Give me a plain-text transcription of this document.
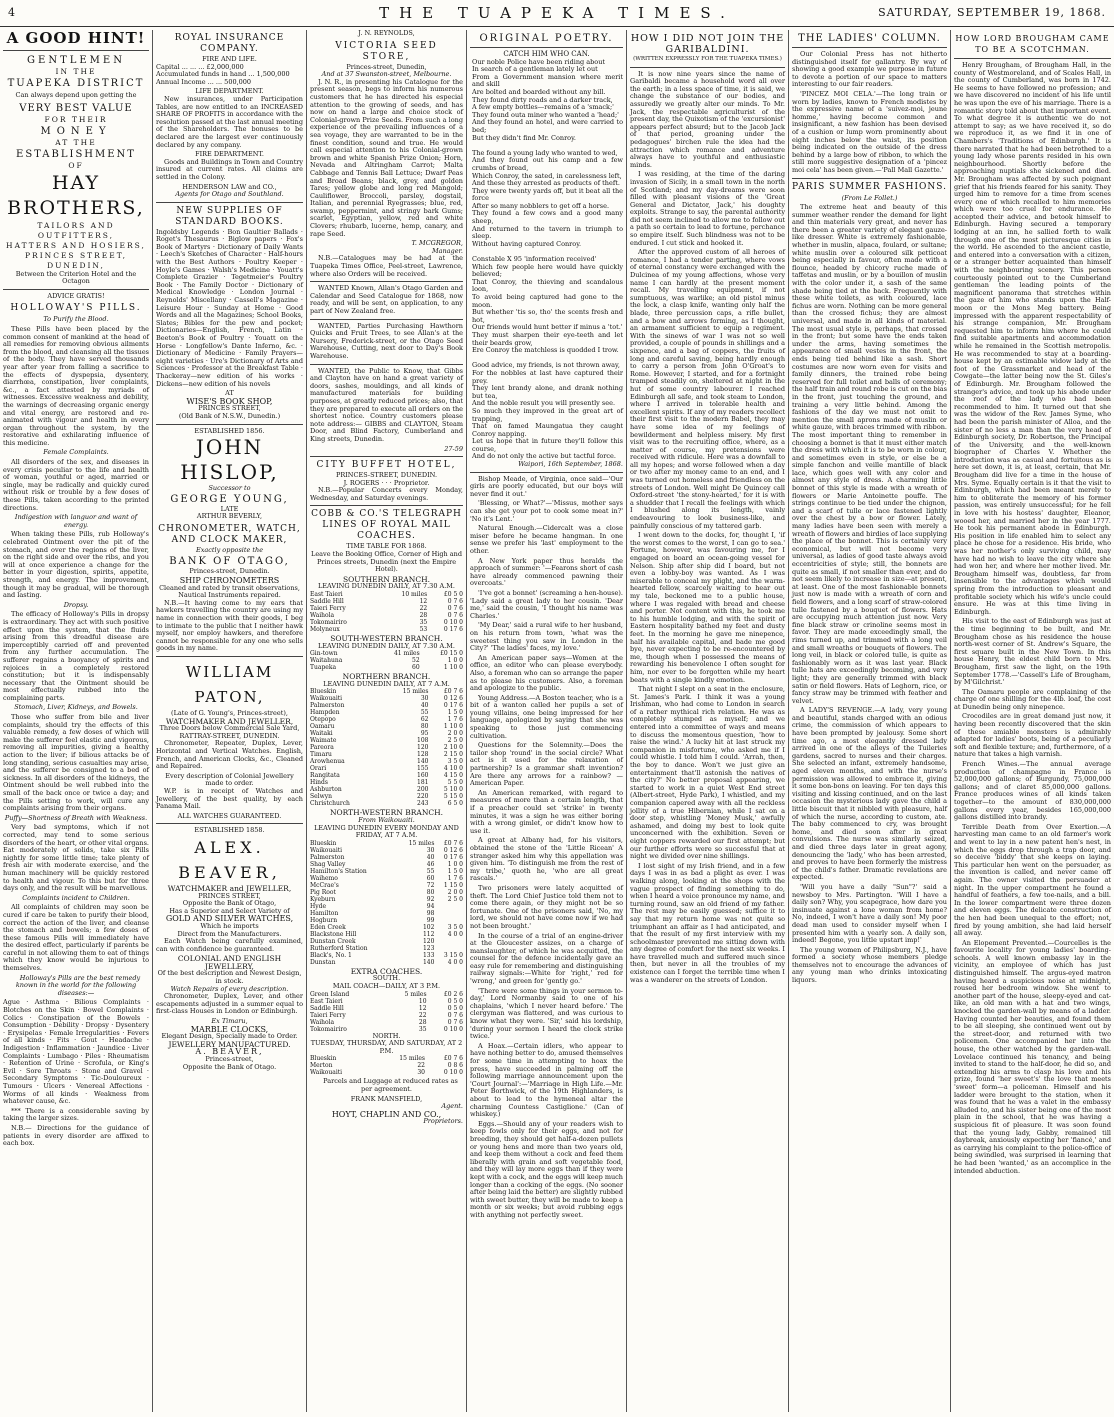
4	THE TUAPEKA TIMES.	SATURDAY, SEPTEMBER 19, 1868.
A GOOD HINT!
GENTLEMEN
IN THE
TUAPEKA DISTRICT
Can always depend upon getting the
VERY BEST VALUE
FOR THEIR
MONEY
AT THE
ESTABLISHMENT
OF
HAY BROTHERS,
TAILORS AND OUTFITTERS,
HATTERS AND HOSIERS,
PRINCES STREET,
DUNEDIN,
Between the Criterion Hotel and the Octagon
ADVICE GRATIS!
HOLLOWAY'S PILLS.
To Purify the Blood.

These Pills have been placed by the common consent of mankind at the head of all remedies for removing obvious ailments from the blood, and cleansing all the tissues of the body. They have served thousands year after year from falling a sacrifice to the effects of dyspepsia, dysentery, diarrhœa, constipation, liver complaints, &c., a fact attested by myriads of witnesses. Excessive weakness and debility, the warnings of decreasing organic energy and vital energy, are restored and re-animated with vigour and health in every organ throughout the system, by the restorative and exhilarating influence of this medicine.

Female Complaints.

All disorders of the sex, and diseases in every crisis peculiar to the life and health of woman, youthful or aged, married or single, may be radically and quickly cured without risk or trouble by a few doses of these Pills, taken according to the printed directions.

Indigestion with languor and want of energy.

When taking these Pills, rub Holloway's celebrated Ointment over the pit of the stomach, and over the regions of the liver, on the right side and over the ribs, and you will at once experience a change for the better in your digestion, spirits, appetite, strength, and energy. The improvement, though it may be gradual, will be thorough and lasting.

Dropsy.

The efficacy of Holloway's Pills in dropsy is extraordinary. They act with such positive effect upon the system, that the fluids arising from this dreadful disease are imperceptibly carried off and prevented from any further accumulation. The sufferer regains a buoyancy of spirits and rejoices in a completely restored constitution; but it is indispensably necessary that the Ointment should be most effectually rubbed into the complaining parts.

Stomach, Liver, Kidneys, and Bowels.

Those who suffer from bile and liver complaints, should try the effects of this valuable remedy, a few doses of which will make the sufferer feel elastic and vigorous, removing all impurities, giving a healthy action to the liver; if bilious attacks be of long standing, serious casualties may arise, and the sufferer be consigned to a bed of sickness. In all disorders of the kidneys, the Ointment should be well rubbed into the small of the back once or twice a day; and the Pills setting to work, will cure any complaints arising from their organs.

Puffy—Shortness of Breath with Weakness.

Very bad symptoms, which if not corrected, may tend to some serious disorders of the heart, or other vital organs. Eat moderately of solids, take six Pills nightly for some little time; take plenty of fresh air with moderate exercise, and the human machinery will be quickly restored to health and vigour. To this but for three days only, and the result will be marvellous.

Complaints incident to Children.

All complaints of children may soon be cured if care be taken to purify their blood, correct the action of the liver, and cleanse the stomach and bowels; a few doses of these famous Pills will immediately have the desired effect, particularly if parents be careful in not allowing them to eat of things which they know would be injurious to themselves.

Holloway's Pills are the best remedy known in the world for the following diseases:—

Ague · Asthma · Bilious Complaints · Blotches on the Skin · Bowel Complaints · Colics · Constipation of the Bowels · Consumption · Debility · Dropsy · Dysentery · Erysipelas · Female Irregularities · Fevers of all kinds · Fits · Gout · Headache · Indigestion · Inflammation · Jaundice · Liver Complaints · Lumbago · Piles · Rheumatism · Retention of Urine · Scrofula, or King's Evil · Sore Throats · Stone and Gravel · Secondary Symptoms · Tic-Douloureux · Tumours · Ulcers · Venereal Affections · Worms of all kinds · Weakness from whatever cause, &c.

*** There is a considerable saving by taking the larger sizes.

N.B.— Directions for the guidance of patients in every disorder are affixed to each box.

ROYAL INSURANCE COMPANY.
FIRE AND LIFE.
Capital ... ... ... £2,000,000
Accumulated funds in hand ... 1,500,000
Annual Income ... ... 500,000
LIFE DEPARTMENT.

New insurances, under Participation Tables, are now entitled to an INCREASED SHARE OF PROFITS in accordance with the resolution passed at the last annual meeting of the Shareholders. The bonuses to be declared are the largest ever continuously declared by any company.

FIRE DEPARTMENT.

Goods and Buildings in Town and Country insured at current rates. All claims are settled in the Colony.

HENDERSON LAW and CO.,
Agents for Otago and Southland.
NEW SUPPLIES OF STANDARD BOOKS.

Ingoldsby Legends · Bon Gaultier Ballads · Roget's Thesaurus · Biglow papers · Fox's Book of Martyrs · Dictionary of Daily Wants · Leech's Sketches of Character · Half-hours with the Best Authors · Poultry Keeper · Hoyle's Games · Walsh's Medicine · Youatt's Complete Grazier · Tegetmeier's Poultry Book · The Family Doctor · Dictionary of Medical Knowledge · London Journal · Reynolds' Miscellany · Cassell's Magazine · Leisure Hour · Sunday at Home · Good Words and all the Magazines; School Books, Slates; Bibles for the pew and pocket; Dictionaries—English, French, Latin · Beeton's Book of Poultry · Youatt on the Horse · Longfellow's Dante Inferno, &c. · Dictionary of Medicine · Family Prayers—eight varieties · Ure's Dictionary of Arts and Sciences · Professor at the Breakfast Table · Thackeray—new edition of his works · Dickens—new edition of his novels

AT
WISE'S BOOK SHOP,
PRINCES STREET,
(Old Bank of N.S.W., Dunedin.)
ESTABLISHED 1856.
JOHN HISLOP,
Successor to
GEORGE YOUNG,
LATE
ARTHUR BEVERLY,
CHRONOMETER, WATCH, AND CLOCK MAKER,
Exactly opposite the
BANK OF OTAGO,
Princes-street, Dunedin.
SHIP CHRONOMETERS
Cleaned and rated by transit observations, Nautical Instruments repaired.

N.B.—It having come to my ears that hawkers travelling the country are using my name in connection with their goods, I beg to intimate to the public that I neither hawk myself, nor employ hawkers, and therefore cannot be responsible for any one who sells goods in my name.

WILLIAM PATON,
(Late of G. Young's, Princes-street),
WATCHMAKER AND JEWELLER,
Three Doors below Commercial Sale Yard,
RATTRAY-STREET, DUNEDIN.

Chronometer, Repeater, Duplex, Lever, Horizontal and Vertical Watches. English, French, and American Clocks, &c., Cleaned and Repaired.

Every description of Colonial Jewellery made to order.

W.P. is in receipt of Watches and Jewellery, of the best quality, by each Panama Mail.

ALL WATCHES GUARANTEED.
ESTABLISHED 1858.
ALEX. BEAVER,
WATCHMAKER and JEWELLER,
PRINCES STREET,
Opposite the Bank of Otago,
Has a Superior and Select Variety of
GOLD AND SILVER WATCHES,
Which he imports
Direct from the Manufacturers.

Each Watch being carefully examined, can with confidence be guaranteed.

COLONIAL AND ENGLISH JEWELLERY,
Of the best description and Newest Design, in stock.
Watch Repairs of every description.

Chronometer, Duplex, Lever, and other escapements adjusted in a summer equal to first-class Houses in London or Edinburgh.

Ex Timaru,
MARBLE CLOCKS,
Elegant Design, Specially made to Order.
JEWELLERY MANUFACTURED.
A. BEAVER,
Princes-street,
Opposite the Bank of Otago.
J. N. REYNOLDS,
VICTORIA SEED STORE,
Princes-street, Dunedin,
And at 37 Swanston-street, Melbourne.

J. N. R., in presenting his Catalogue for the present season, begs to inform his numerous customers that he has directed his especial attention to the growing of seeds, and has now on hand a large and choice stock of Colonial-grown Prize Seeds. From such a long experience of the prevailing influences of a sea voyage, they are warranted to be in the finest condition, sound and true. He would call especial attention to his Colonial-grown brown and white Spanish Prize Onion; Horn, Nevada and Altringham Carrot; Malta Cabbage and Tennis Ball Lettuce; Dwarf Peas and Broad Beans; black, grey, and golden Tares; yellow globe and long red Mangold; Cauliflower, Broccoli, parsley, dogstail, Italian, and perennial Ryegrasses; blue, red, swamp, peppermint, and stringy bark Gums; scarlet, Egyptian, yellow, red and white Clovers; rhubarb, lucerne, hemp, canary, and rape Seed.

T. MCGREGOR,
Manager.

N.B.—Catalogues may be had at the Tuapeka Times Office, Peel-street, Lawrence, where also Orders will be received.

WANTED Known, Allan's Otago Garden and Calendar and Seed Catalogue for 1868, now ready, and will be sent, on application, to any part of New Zealand free.

WANTED, Parties Purchasing Hawthorn Quicks and Fruit Trees, to see Allan's at the Nursery, Frederick-street, or the Otago Seed Warehouse, Cutting, next door to Day's Book Warehouse.

WANTED, the Public to Know, that Gibbs and Clayton have on hand a great variety of doors, sashes, mouldings, and all kinds of manufactured materials for building purposes, at greatly reduced prices; also, that they are prepared to execute all orders on the shortest notice. Country customers please note address:— GIBBS and CLAYTON, Steam Door, and Blind Factory, Cumberland and King streets, Dunedin.

27-59
CITY BUFFET HOTEL,
PRINCES-STREET, DUNEDIN.
J. ROGERS · · · Proprietor.

N.B.—Popular Concerts every Monday, Wednesday, and Saturday evenings.

COBB & CO.'S TELEGRAPH LINES OF ROYAL MAIL COACHES.
TIME TABLE FOR 1868.

Leave the Booking Office, Corner of High and Princes streets, Dunedin (next the Empire Hotel).

SOUTHERN BRANCH.
LEAVING DUNEDIN DAILY, AT 7.30 A.M.
East Taieri	10 miles	£0 5 0
Saddle Hill	12	0 7 6
Taieri Ferry	22	0 7 6
Waihola	28	0 7 6
Tokomairiro	35	0 10 0
Molyneux	53	0 17 6
SOUTH-WESTERN BRANCH.
LEAVING DUNEDIN DAILY, AT 7.30 A.M.
Gin-town	41 miles	£0 15 0
Waitahuna	52	1 0 0
Tuapeka	60	1 10 0
NORTHERN BRANCH.
LEAVING DUNEDIN DAILY, AT 7 A.M.
Blueskin	15 miles	£0 7 6
Waikouaiti	30	0 12 6
Palmerston	40	0 17 6
Hampden	55	1 5 0
Otepopo	62	1 7 6
Oamaru	80	1 10 0
Waitaki	95	2 0 0
Waimate	108	2 5 0
Pareora	120	2 10 0
Timaru	128	2 15 0
Arowhenua	140	3 5 0
Orari	155	4 10 0
Rangitata	160	4 15 0
Hinds	181	5 5 0
Ashburton	200	5 10 0
Selwyn	220	5 15 0
Christchurch	243	6 5 0
NORTH-WESTERN BRANCH.
From Waikouaiti.
LEAVING DUNEDIN EVERY MONDAY AND FRIDAY, AT 7 A.M.
Blueskin	15 miles	£0 7 6
Waikouaiti	30	0 12 6
Palmerston	40	0 17 6
Shag Valley	46	1 0 0
Hamilton's Station	55	1 5 0
Waihemo	60	1 7 6
McCrae's	72	1 15 0
Pig Root	80	2 0 0
Kyeburn	92	2 5 0
Hyde	94	
Hamilton	98	
Hogburn	99	
Eden Creek	102	3 5 0
Blackstone Hill	112	4 0 0
Dunstan Creek	120	
Rutherford Station	123	
Black's, No. 1	133	3 15 0
Dunstan	140	4 0 0
EXTRA COACHES.
SOUTH.
MAIL COACH—DAILY, AT 3 P.M.
Green Island	5 miles	£0 2 6
East Taieri	10	0 5 0
Saddle Hill	12	0 5 0
Taieri Ferry	22	0 7 6
Waihola	28	0 7 6
Tokomairiro	35	0 10 0
NORTH.
TUESDAY, THURSDAY, AND SATURDAY, AT 2 P.M.
Blueskin	15 miles	£0 7 6
Merton	22	0 8 6
Waikouaiti	30	0 10 0

Parcels and Luggage at reduced rates as per agreement.

FRANK MANSFIELD,
Agent.
HOYT, CHAPLIN AND CO.,
Proprietors.
ORIGINAL POETRY.
CATCH HIM WHO CAN.
Our noble Police have been riding about
In search of a gentleman lately let out
From a Government mansion where merit and skill
Are bolted and boarded without any bill.
They found dirty roads and a darker track,
A few empty bottles—remains of a 'smack;'
They found outa miner who wanted a 'head;'
And they found an hotel, and were carried to bed;
But they didn't find Mr. Conroy.

The found a young lady who wanted to wed,
And they found out his camp and a few crumbs of bread,
Which Conroy, the sated, in carelessness left,
And these they arrested as products of theft.
They were twenty yards off, but it beat all the force
After so many nobblers to get off a horse.
They found a few cows and a good many sheep,
And returned to the tavern in triumph to sleep.
Without having captured Conroy.

Constable X 95 'information received'
Which few people here would have quickly believed;
That Conroy, the thieving and scandalous loon,
To avoid being captured had gone to the moon.
But whether 'tis so, tho' the scents fresh and hot,
Our friends would hunt better if minus a 'tot.'
They must sharpen their eye-teeth and let their beards grow,
Ere Conroy the matchless is quodded I trow.

Good advice, my friends, is not thrown away,
For the nobbles at last have captured their prey.
They lent brandy alone, and drank nothing but tea,
And the noble result you will presently see.
So much they improved in the great art of trapping,
That on famed Maungatua they caught Conroy napping.
Let us hope that in future they'll follow this course,
And do not only the active but tactful force.
Waipori, 16th September, 1868.

Bishop Meade, of Virginia, once said—'Our girls are poorly educated, but our boys will never find it out.'

'Blessing, or What?'—'Missus, mother says can she get your pot to cook some meat in?' 'No it's Lent.'

Natural Enough.—Cidercalt was a close miser before he became hangman. In one sense we prefer his 'last' employment to the other.

A New York paper thus heralds the approach of summer: '—Fearons short of cash have already commenced pawning their overcoats.'

'I've got a bonnet' (screaming a hen-house). 'Lady said a great lady to her cousin. 'Dear me,' said the cousin, 'I thought his name was Charles.'

'My Dear,' said a rural wife to her husband, on his return from town, 'what was the sweetest thing you saw in London in the City?' 'The ladies' faces, my love.'

An American paper says—Women at the office, an editor who can please everybody. Also, a foreman who can so arrange the paper as to please his customers. Also, a foreman and apologize to the public.

Young Address.—A Boston teacher, who is a bit of a wanton called her pupils a set of young villains, one being impressed for her language, apologized by saying that she was speaking to those just commencing cultivation.

Questions for the Solemnity.—Does the tailor shop 'round' in the social circle? What act is it used for the relaxation of partnership? Is a grammar shaft invention? Are there any arrows for a rainbow? —American Paper.

An American remarked, with regard to measures of more than a certain length, that if a preacher could set 'strike' in twenty minutes, it was a sign he was either boring with a wrong gimlet, or didn't know how to use it.

A great at Albany had, for his visitors, obtained the stone of the 'Little Ricean' A stranger asked him why this appellation was given him. 'To distinguish me from the rest of my tribe,' quoth he, 'who are all great rascals.'

Two prisoners were lately acquitted of theft. The Lord Chief Justice told them not to come there again, or they might not be so fortunate. One of the prisoners said, 'No, my lord, we should not have come now if we had not been brought.'

In the course of a trial of an engine-driver at the Gloucester assizes, on a charge of manslaughter, of which he was acquitted, the counsel for the defence incidentally gave an easy rule for remembering and distinguishing railway signals:—White for 'right,' red for 'wrong,' and green for 'gently go.'

'There were some things in your sermon to-day,' Lord Normanby said to one of his chaplains, 'which I never heard before.' The clergyman was flattered, and was curious to know what they were. 'Sir,' said his lordship, 'during your sermon I heard the clock strike twice.'

A Hoax.—Certain idlers, who appear to have nothing better to do, amused themselves for some time in attempting to hoax the press, have succeeded in palming off the following marriage announcement upon the 'Court Journal':—'Marriage in High Life.—Mr. Peter Borthwick, of the 19th Highlanders, is about to lead to the hymeneal altar the charming Countess Castiglione.' (Can of whiskey.)

Eggs.—Should any of your readers wish to keep fowls only for their eggs, and not for breeding, they should get half-a-dozen pullets or young hens and more than two years old, and keep them without a cock and feed them liberally with grain and soft vegetable food, and they will lay more eggs than if they were kept with a cock, and the eggs will keep much longer than a cocking of the eggs. (No sooner after being laid the better) are slightly rubbed with sweet butter, they will be made to keep a month or six weeks; but avoid rubbing eggs with anything not perfectly sweet.

HOW I DID NOT JOIN THE GARIBALDINI.
(WRITTEN EXPRESSLY FOR THE TUAPEKA TIMES.)

It is now nine years since the name of Garibaldi became a household word all over the earth; in a less space of time, it is said, we change the substance of our bodies, and assuredly we greatly alter our minds. To Mr. Jack, the respectable agriculturist of the present day, the Quixotism of the 'excursionist' appears perfect absurd; but to the Jacob Jack of that period, groaning under the pedagogues' birchen rule the idea had the attraction which romance and adventure always have to youthful and enthusiastic minds.

I was residing, at the time of the daring invasion of Sicily, in a small town in the north of Scotland; and my day-dreams were soon filled with pleasant visions of the 'Great General and Dictator, Jack,' his doughty exploits. Strange to say, the parental authority did not seem inclined to allow me to follow out a path so certain to lead to fortune, perchance so empire itself. Such blindness was not to be endured. I cut stick and hooked it.

After the approved custom of all heroes of romance, I had a tender parting, where vows of eternal constancy were exchanged with the Dulcinea of my young affections, whose very name I can hardly at the present moment recall. My travelling equipment, if not sumptuous, was warlike; an old pistol minus the lock, a clasp knife, wanting only half the blade, three percussion caps, a rifle bullet, and a bow and arrows forming, as I thought, an armament sufficient to equip a regiment. With the sinews of war I was not so well provided, a couple of pounds in shillings and a sixpence, and a bag of coppers, the fruits of long and careful saving, being hardly enough to carry a person from John O'Groat's to Rome. However, I started, and for a fortnight tramped steadily on, sheltered at night in the hut of some country labourer. I reached Edinburgh all safe, and took steam to London, where I arrived in tolerable health and excellent spirits. If any of my readers recollect their first visit to the modern Babel, they may have some idea of my feelings of bewilderment and helpless misery. My first visit was to the recruiting office, where, as a matter of course, my pretensions were received with ridicule. Here was a downfall to all my hopes; and worse followed when a day or two after my money came to an end, and I was turned out homeless and friendless on the streets of London. Well might De Quincey call Oxford-street 'the stony-hearted,' for it is with a shudder that I recall the feelings with which I blushed along its length, vainly endeavouring to look business-like, and painfully conscious of my tattered garb.

I went down to the docks, for, thought I, 'if the worst comes to the worst, I can go to sea.' Fortune, however, was favouring me, for I engaged on board an ocean-going vessel for Nelson. Ship after ship did I board, but not even a lobby-boy was wanted. As I was miserable to conceal my plight, and the warm-hearted fellow, scarcely waiting to hear out my tale, beckoned me to a public house, where I was regaled with bread and cheese and porter. Not content with this, he took me to his humble lodging, and with the spirit of Eastern hospitality bathed my feet and dusty feet. In the morning he gave me ninepence, half his available capital, and bade me good bye, never expecting to be re-encountered by me, though when I possessed the means of rewarding his benevolence I often sought for him, nor ever to be forgotten while my heart beats with a single kindly emotion.

That night I slept on a seat in the enclosure, St. James's Park. I think it was a young Irishman, who had come to London in search of a rather mythical rich relation. He was as completely stumped as myself; and we entered into a committee of ways and means to discuss the momentous question, 'how to raise the wind.' A lucky hit at last struck my companion in misfortune, who asked me if I could whistle. I told him I could. 'Arrah, then, the boy to dance. Won't we just give an entertainment that'll astonish the natives of the city?' No better proposal appearing, we started to work in a quiet West End street (Albert-street, Hyde Park), I whistled, and my companion capered away with all the reckless jollity of a true Hibernian, while I sat on a door step, whistling 'Money Musk,' awfully ashamed, and doing my best to look quite unconcerned with the exhibition. Seven or eight coppers rewarded our first attempt; but our further efforts were so successful that at night we divided over nine shillings.

I lost sight of my Irish friend, and in a few days I was in as bad a plight as ever. I was walking along, looking at the shops with the vague prospect of finding something to do, when I heard a voice pronounce my name, and turning round, saw an old friend of my father. The rest may be easily guessed; suffice it to say that my return home was not quite so triumphant an affair as I had anticipated, and that the result of my first interview with my schoolmaster prevented me sitting down with any degree of comfort for the next six weeks. I have travelled much and suffered much since then, but never in all the troubles of my existence can I forget the terrible time when I was a wanderer on the streets of London.

THE LADIES' COLUMN.

Our Colonial Press has not hitherto distinguished itself for gallantry. By way of showing a good example we purpose in future to devote a portion of our space to matters interesting to our fair readers.

'PINCEZ MOI CELA.'—The long train or worn by ladies, known to French modistes by the expressive name of a 'suivez-moi, jeune homme,' having become common and insignificant, a new fashion has been devised of a cushion or lump worn prominently about eight inches below the waist, its position being indicated on the outside of the dress behind by a large bow of ribbon, to which the still more suggestive designation of a 'pincez moi cela' has been given.—'Pall Mall Gazette.'

PARIS SUMMER FASHIONS.
(From Le Follet.)

The extreme heat and beauty of this summer weather render the demand for light and thin materials very great, and never has there been a greater variety of elegant gauze-like dresser. White is extremely fashionable, whether in muslin, alpaca, foulard, or sultane; white muslin over a coloured silk petticoat being especially in favour, often made with a flounce, headed by chicory ruche made of taffetas and muslin, or by a bouillon of muslin with the color under it, a sash of the same shade being tied at the back. Frequently with these white toilets, as with coloured, lace fichus are worn. Nothing can be more general than the crossed fichus; they are almost universal, and made in all kinds of material. The most usual style is, perhaps, that crossed in the front; but some have the ends taken under the arms, having sometimes the appearance of small vestes in the front, the ends being tied behind like a sash. Short costumes are now worn even for visits and family dinners, the trained robe being reserved for full toilet and balls of ceremony; the half train and round robe is cut on the bias in the front, just touching the ground, and training a very little behind. Among the fashions of the day we must not omit to mention the small aprons made of muslin or white gauze, with braces trimmed with ribbon. The most important thing to remember in choosing a bonnet is that it must either match the dress with which it is to be worn in colour, and sometimes even in style, or else be a simple fanchon and veille mantille of black lace, which goes well with any color and almost any style of dress. A charming little bonnet of this style is made with a wreath of flowers or Marie Antoinette pouffe. The strings continue to be tied under the chignon, and a scarf of tulle or lace fastened lightly over the chest by a bow or flower. Lately, many ladies have been seen with merely a wreath of flowers and birdies of lace supplying the place of the bonnet. This is certainly very economical, but will not become very universal, as ladies of good taste always avoid eccentricities of style; still, the bonnets are quite as small, if not smaller than ever, and do not seem likely to increase in size—at present, at least. One of the most fashionable bonnets just now is made with a wreath of corn and field flowers, and a long scarf of straw-colored tulle fastened by a bouquet of flowers. Hats are occupying much attention just now. Very fine black straw or crinoline seems most in favor. They are made exceedingly small, the rims turned up, and trimmed with a long veil and small wreaths or bouquets of flowers. The long veil, in black or colored tulle, is quite as fashionably worn as it was last year. Black tulle hats are exceedingly becoming, and very light; they are generally trimmed with black satin or field flowers. Hats of Leghorn, rice, or fancy straw may be trimmed with feather and velvet.

A LADY'S REVENGE.—A lady, very young and beautiful, stands charged with an odious crime, the commission of which appears to have been prompted by jealousy. Some short time ago, a most elegantly dressed lady arrived in one of the alleys of the Tuileries gardens, sacred to nurses and their charges. She selected an infant, extremely handsome, aged eleven months, and with the nurse's permission was allowed to embrace it, giving it some bon-bons on leaving. For ten days this visiting and kissing continued, and on the last occasion the mysterious lady gave the child a little biscuit that it nibbled with pleasure, half of which the nurse, according to custom, ate. The baby commenced to cry, was brought home, and died soon after in great convulsions. The nurse was similarly seized, and died three days later in great agony, denouncing the 'lady,' who has been arrested, and proves to have been formerly the mistress of the child's father. Dramatic revelations are expected.

'Will you have a daily "Sun"?' said a newsboy to Mrs. Partington. 'Will I have a daily son? Why, you scapegrace, how dare you insinuate against a lone woman from home? No, indeed, I won't have a daily son! My poor dead man used to consider myself when I presented him with a yearly son. A daily son, indeed! Begone, you little upstart imp!'

The young women of Philipsburg, N.J., have formed a society whose members pledge themselves not to encourage the advances of any young man who drinks intoxicating liquors.

HOW LORD BROUGHAM CAME TO BE A SCOTCHMAN.

Henry Brougham, of Brougham Hall, in the county of Westmoreland, and of Scales Hall, in the county of Cumberland, was born in 1742. He seems to have followed no profession; and we have discovered no incident of his life until he was upon the eve of his marriage. There is a romantic story told about that important event. To what degree it is authentic we do not attempt to say; as we have received it, so do we reproduce it, as we find it in one of Chambers's 'Traditions of Edinburgh.' It is there narrated that he had been betrothed to a young lady whose parents resided in his own neighbourhood. Shortly before the approaching nuptials she sickened and died. Mr. Brougham was affected by such poignant grief that his friends feared for his sanity. They urged him to remove for a time from scenes every one of which recalled to him memories which were too cruel for endurance. He accepted their advice, and betook himself to Edinburgh. Having secured a temporary lodging at an inn, he sallied forth to walk through one of the most picturesque cities in the world. He ascended to the ancient castle, and entered into a conversation with a citizen, or a stranger better acquainted than himself with the neighbouring scenery. This person courteously pointed out to the Cumberland gentleman the leading points of the magnificent panorama that stretches within the gaze of him who stands upon the Half-moon or the Mons Meg battery. Being impressed with the apparent respectability of his strange companion, Mr. Brougham requested him to inform him where he could find suitable apartments and accommodation while he remained in the Scottish metropolis. He was recommended to stay at a boarding-house kept by an estimable widow lady at the foot of the Grassmarket and head of the Cowgate—the latter being now the St. Giles's of Edinburgh. Mr. Brougham followed the stranger's advice, and took up his abode under the roof of the lady who had been recommended to him. It turned out that she was the widow of the Rev. James Syme, who had been the parish minister of Alloa, and the sister of no less a man than the very head of Edinburgh society, Dr. Robertson, the Principal of the University, and the well-known biographer of Charles V. Whether the introduction was as casual and fortuitous as is here set down, it is, at least, certain, that Mr. Brougham did live for a time in the house of Mrs. Syme. Equally certain is it that the visit to Edinburgh, which had been meant merely to him to obliterate the memory of his former passion, was entirely unsuccessful; for he fell in love with his hostess' daughter, Eleanor, wooed her, and married her in the year 1777. He took his permanent abode in Edinburgh. His position in life enabled him to select any place he chose for a residence. His bride, who was her mother's only surviving child, may have had no wish to leave the city where she had won her, and where her mother lived. Mr. Brougham himself was, doubtless, far from insensible to the advantages which would spring from the introduction to pleasant and profitable society which his wife's uncle could ensure. He was at this time living in Edinburgh.

His visit to the east of Edinburgh was just at the time beginning to be built, and Mr. Brougham chose as his residence the house north-west corner of St. Andrew's Square, the first square built in the New Town. In this house Henry, the eldest child born to Mrs. Brougham, first saw the light, on the 19th September 1778.—'Cassell's Life of Brougham, by M'Gilchrist.'

The Oamaru people are complaining of the charge of one shilling for the 4lb. loaf, the cost at Dunedin being only ninepence.

Crocodiles are in great demand just now, it having been recently discovered that the skin of these amiable monsters is admirably adapted for ladies' boots, being of a peculiarly soft and flexible texture; and, furthermore, of a nature that takes a high varnish.

French Wines.—The annual average production of champagne in France is 52,000,000 gallons; of Burgundy, 75,000,000 gallons; and of claret 85,000,000 gallons. France produces wines of all kinds taken together—to the amount of 830,000,000 gallons every year, besides 165,000,000 gallons distilled into brandy.

Terrible Death from Over Exertion.—A harvesting man came to an old farmer's work and went to lay in a new patent hen's nest, in which the eggs drop through a trap door, and so deceive 'biddy' that she keeps on laying. This particular hen went on the persuader, as the invention is called, and never came off again. The owner visited the persuader at night. In the upper compartment he found a handful of feathers, a few toe-nails, and a bill. In the lower compartment were three dozen and eleven eggs. The delicate construction of the hen had been unequal to the effort; not, fired by young ambition, she had laid herself all away.

An Elopement Prevented.—Courcelles is the favourite locality for young ladies' boarding-schools. A well known embassy lay in the vicinity, an employee of which has just distinguished himself. The argus-eyed matron having heard a suspicious noise at midnight, roused her bedroom window. She went to another part of the house, sleepy-eyed and cat-like, an old man with a hat and two wings, knocked the garden-wall by means of a ladder. Having counted her beauties, and found them to be all sleeping, she continued went out by the street-door, and returned with two policemen. One accompanied her into the house, the other watched by the garden-wall. Lovelace continued his tenancy, and being invited to stand to the half-door, he did so, and extending his arms to clasp his love and his prize, found 'her sweet's' the love that meets 'sweet' form—a policeman. Himself and his ladder were brought to the station, when it was found that he was a valet in the embassy alluded to, and his sister being one of the most plain in the school, that he was having a suspicious fit of pleasure. It was soon found that the young lady, Gabby, remained till daybreak, anxiously expecting her 'fiancé,' and as carrying his complaint to the police-office of being swindled, was surprised in learning that he had been 'wanted,' as an accomplice in the intended abduction.
